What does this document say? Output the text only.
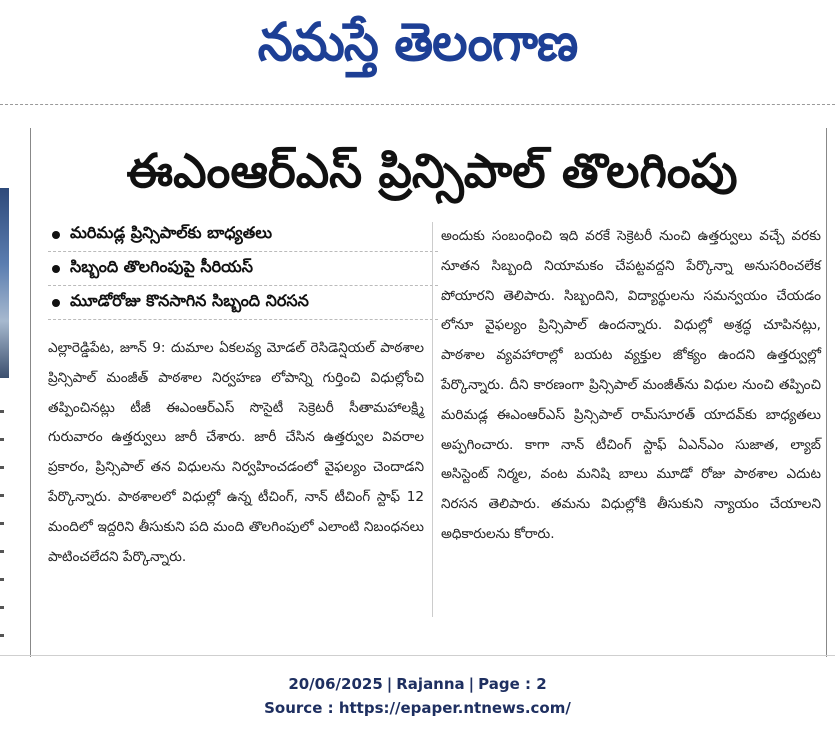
నమస్తే తెలంగాణ
ఈఎంఆర్ఎస్ ప్రిన్సిపాల్ తొలగింపు
మరిమడ్ల ప్రిన్సిపాల్‌కు బాధ్యతలు
సిబ్బంది తొలగింపుపై సీరియస్
మూడోరోజు కొనసాగిన సిబ్బంది నిరసన

ఎల్లారెడ్డిపేట, జూన్ 9: దుమాల ఏకలవ్య మోడల్ రెసిడెన్షియల్ పాఠశాల ప్రిన్సిపాల్ మంజీత్ పాఠశాల నిర్వహణ లోపాన్ని గుర్తించి విధుల్లోంచి తప్పించినట్లు టీజీ ఈఎంఆర్ఎస్ సొసైటీ సెక్రెటరీ సీతామహాలక్ష్మి గురువారం ఉత్తర్వులు జారీ చేశారు. జారీ చేసిన ఉత్తర్వుల వివరాల ప్రకారం, ప్రిన్సిపాల్ తన విధులను నిర్వహించడంలో వైఫల్యం చెందాడని పేర్కొన్నారు. పాఠశాలలో విధుల్లో ఉన్న టీచింగ్, నాన్ టీచింగ్ స్టాఫ్ 12 మందిలో ఇద్దరిని తీసుకుని పది మంది తొలగింపులో ఎలాంటి నిబంధనలు పాటించలేదని పేర్కొన్నారు.

అందుకు సంబంధించి ఇది వరకే సెక్రెటరీ నుంచి ఉత్తర్వులు వచ్చే వరకు నూతన సిబ్బంది నియామకం చేపట్టవద్దని పేర్కొన్నా అనుసరించలేక పోయారని తెలిపారు. సిబ్బందిని, విద్యార్థులను సమన్వయం చేయడం లోనూ వైఫల్యం ప్రిన్సిపాల్ ఉందన్నారు. విధుల్లో అశ్రద్ధ చూపినట్లు, పాఠశాల వ్యవహారాల్లో బయట వ్యక్తుల జోక్యం ఉందని ఉత్తర్వుల్లో పేర్కొన్నారు. దీని కారణంగా ప్రిన్సిపాల్ మంజీత్‌ను విధుల నుంచి తప్పించి మరిమడ్ల ఈఎంఆర్ఎస్ ప్రిన్సిపాల్ రామ్‌సూరత్ యాదవ్‌కు బాధ్యతలు అప్పగించారు. కాగా నాన్ టీచింగ్ స్టాఫ్ ఏఎన్ఎం సుజాత, ల్యాబ్ అసిస్టెంట్ నిర్మల, వంట మనిషి బాలు మూడో రోజు పాఠశాల ఎదుట నిరసన తెలిపారు. తమను విధుల్లోకి తీసుకుని న్యాయం చేయాలని అధికారులను కోరారు.

20/06/2025 | Rajanna | Page : 2
Source : https://epaper.ntnews.com/
